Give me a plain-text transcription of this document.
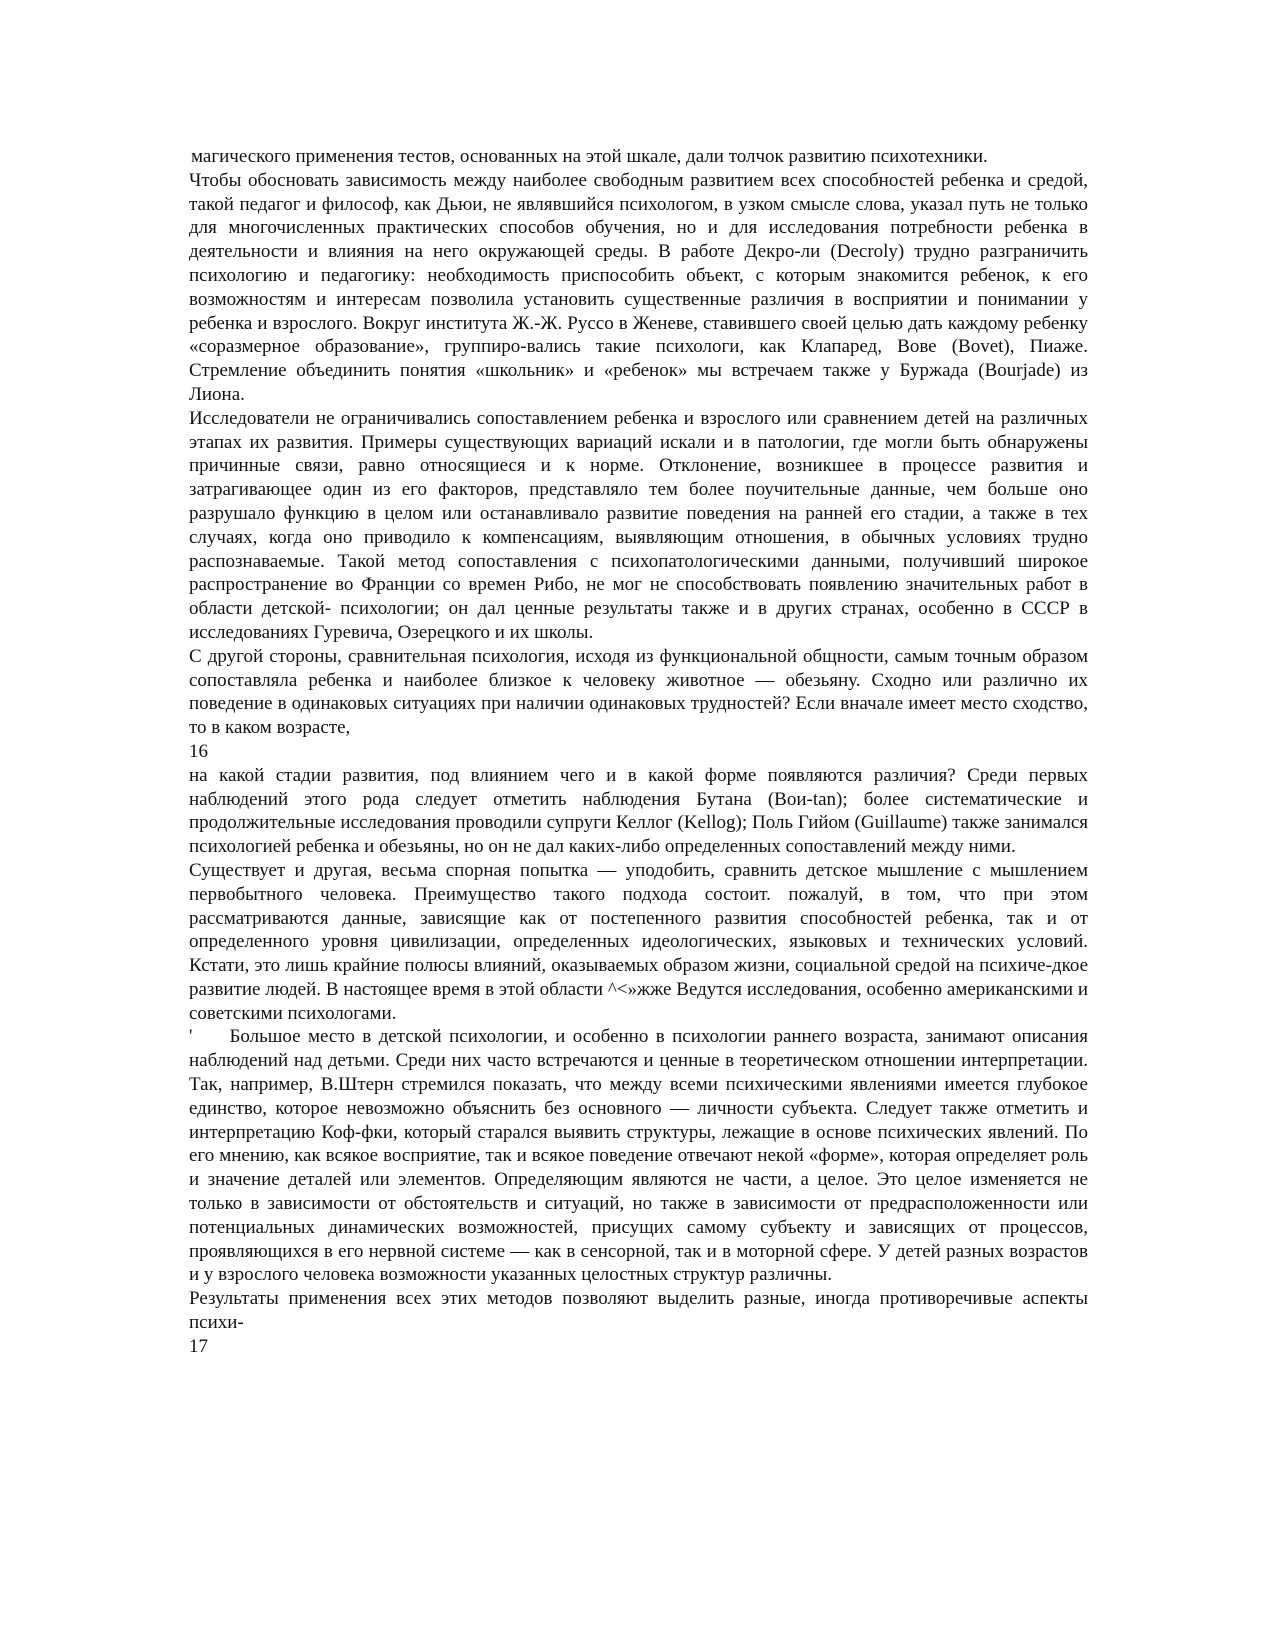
магического применения тестов, основанных на этой шкале, дали толчок развитию психотехники.

Чтобы обосновать зависимость между наиболее свободным развитием всех способностей ребенка и средой, такой педагог и философ, как Дьюи, не являвшийся психологом, в узком смысле слова, указал путь не только для многочисленных практических способов обучения, но и для исследования потребности ребенка в деятельности и влияния на него окружающей среды. В работе Декро-ли (Decroly) трудно разграничить психологию и педагогику: необходимость приспособить объект, с которым знакомится ребенок, к его возможностям и интересам позволила установить существенные различия в восприятии и понимании у ребенка и взрослого. Вокруг института Ж.-Ж. Руссо в Женеве, ставившего своей целью дать каждому ребенку «соразмерное образование», группиро-вались такие психологи, как Клапаред, Вове (Bovet), Пиаже. Стремление объединить понятия «школьник» и «ребенок» мы встречаем также у Буржада (Bourjade) из Лиона.

Исследователи не ограничивались сопоставлением ребенка и взрослого или сравнением детей на различных этапах их развития. Примеры существующих вариаций искали и в патологии, где могли быть обнаружены причинные связи, равно относящиеся и к норме. Отклонение, возникшее в процессе развития и затрагивающее один из его факторов, представляло тем более поучительные данные, чем больше оно разрушало функцию в целом или останавливало развитие поведения на ранней его стадии, а также в тех случаях, когда оно приводило к компенсациям, выявляющим отношения, в обычных условиях трудно распознаваемые. Такой метод сопоставления с психопатологическими данными, получивший широкое распространение во Франции со времен Рибо, не мог не способствовать появлению значительных работ в области детской- психологии; он дал ценные результаты также и в других странах, особенно в СССР в исследованиях Гуревича, Озерецкого и их школы.

С другой стороны, сравнительная психология, исходя из функциональной общности, самым точным образом сопоставляла ребенка и наиболее близкое к человеку животное — обезьяну. Сходно или различно их поведение в одинаковых ситуациях при наличии одинаковых трудностей? Если вначале имеет место сходство, то в каком возрасте,

16

на какой стадии развития, под влиянием чего и в какой форме появляются различия? Среди первых наблюдений этого рода следует отметить наблюдения Бутана (Вои-tan); более систематические и продолжительные исследования проводили супруги Келлог (Kellog); Поль Гийом (Guillaume) также занимался психологией ребенка и обезьяны, но он не дал каких-либо определенных сопоставлений между ними.

Существует и другая, весьма спорная попытка — уподобить, сравнить детское мышление с мышлением первобытного человека. Преимущество такого подхода состоит. пожалуй, в том, что при этом рассматриваются данные, зависящие как от постепенного развития способностей ребенка, так и от определенного уровня цивилизации, определенных идеологических, языковых и технических условий. Кстати, это лишь крайние полюсы влияний, оказываемых образом жизни, социальной средой на психиче-дкое развитие людей. В настоящее время в этой области ^<»жже Ведутся исследования, особенно американскими и советскими психологами.

'     Большое место в детской психологии, и особенно в психологии раннего возраста, занимают описания наблюдений над детьми. Среди них часто встречаются и ценные в теоретическом отношении интерпретации. Так, например, В.Штерн стремился показать, что между всеми психическими явлениями имеется глубокое единство, которое невозможно объяснить без основного — личности субъекта. Следует также отметить и интерпретацию Коф-фки, который старался выявить структуры, лежащие в основе психических явлений. По его мнению, как всякое восприятие, так и всякое поведение отвечают некой «форме», которая определяет роль и значение деталей или элементов. Определяющим являются не части, а целое. Это целое изменяется не только в зависимости от обстоятельств и ситуаций, но также в зависимости от предрасположенности или потенциальных динамических возможностей, присущих самому субъекту и зависящих от процессов, проявляющихся в его нервной системе — как в сенсорной, так и в моторной сфере. У детей разных возрастов и у взрослого человека возможности указанных целостных структур различны.

Результаты применения всех этих методов позволяют выделить разные, иногда противоречивые аспекты психи-

17
